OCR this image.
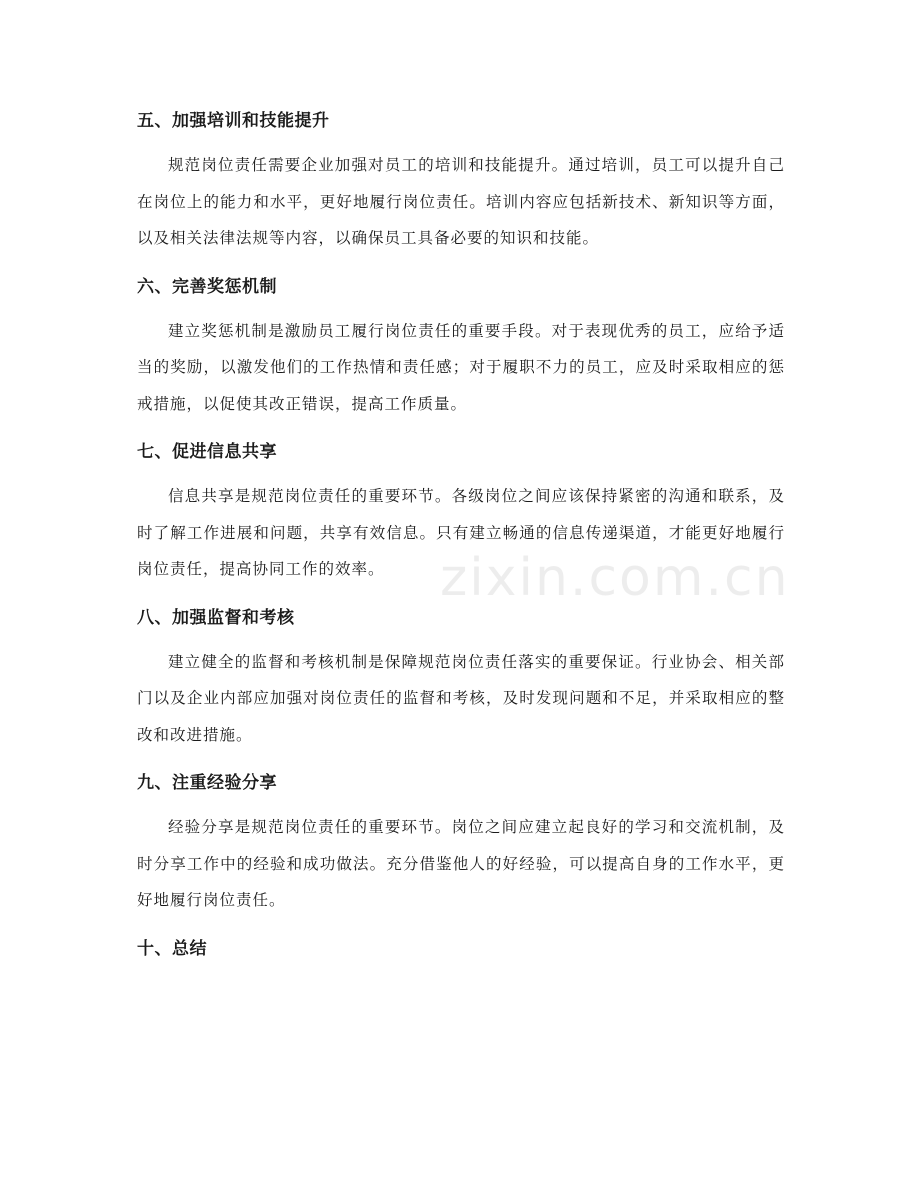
五、加强培训和技能提升

规范岗位责任需要企业加强对员工的培训和技能提升。通过培训，员工可以提升自己在岗位上的能力和水平，更好地履行岗位责任。培训内容应包括新技术、新知识等方面，以及相关法律法规等内容，以确保员工具备必要的知识和技能。

六、完善奖惩机制

建立奖惩机制是激励员工履行岗位责任的重要手段。对于表现优秀的员工，应给予适当的奖励，以激发他们的工作热情和责任感；对于履职不力的员工，应及时采取相应的惩戒措施，以促使其改正错误，提高工作质量。

七、促进信息共享

信息共享是规范岗位责任的重要环节。各级岗位之间应该保持紧密的沟通和联系，及时了解工作进展和问题，共享有效信息。只有建立畅通的信息传递渠道，才能更好地履行岗位责任，提高协同工作的效率。

八、加强监督和考核

建立健全的监督和考核机制是保障规范岗位责任落实的重要保证。行业协会、相关部门以及企业内部应加强对岗位责任的监督和考核，及时发现问题和不足，并采取相应的整改和改进措施。

九、注重经验分享

经验分享是规范岗位责任的重要环节。岗位之间应建立起良好的学习和交流机制，及时分享工作中的经验和成功做法。充分借鉴他人的好经验，可以提高自身的工作水平，更好地履行岗位责任。

十、总结
zixin.com.cn
